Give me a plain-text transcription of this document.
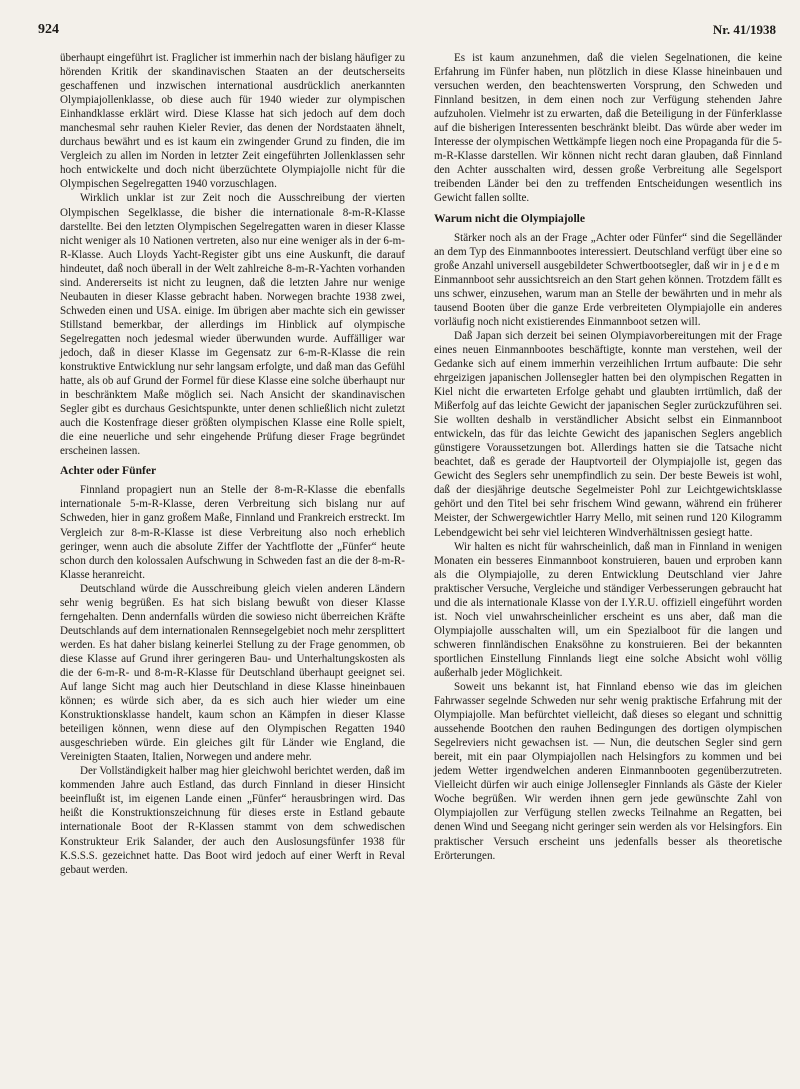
924	Nr. 41/1938

überhaupt eingeführt ist. Fraglicher ist immerhin nach der bislang häufiger zu hörenden Kritik der skandinavischen Staaten an der deutscherseits geschaffenen und inzwischen international ausdrücklich anerkannten Olympiajollenklasse, ob diese auch für 1940 wieder zur olympischen Einhandklasse erklärt wird. Diese Klasse hat sich jedoch auf dem doch manchesmal sehr rauhen Kieler Revier, das denen der Nordstaaten ähnelt, durchaus bewährt und es ist kaum ein zwingender Grund zu finden, die im Vergleich zu allen im Norden in letzter Zeit eingeführten Jollenklassen sehr hoch entwickelte und doch nicht überzüchtete Olympiajolle nicht für die Olympischen Segelregatten 1940 vorzuschlagen.

Wirklich unklar ist zur Zeit noch die Ausschreibung der vierten Olympischen Segelklasse, die bisher die internationale 8-m-R-Klasse darstellte. Bei den letzten Olympischen Segelregatten waren in dieser Klasse nicht weniger als 10 Nationen vertreten, also nur eine weniger als in der 6-m-R-Klasse. Auch Lloyds Yacht-Register gibt uns eine Auskunft, die darauf hindeutet, daß noch überall in der Welt zahlreiche 8-m-R-Yachten vorhanden sind. Andererseits ist nicht zu leugnen, daß die letzten Jahre nur wenige Neubauten in dieser Klasse gebracht haben. Norwegen brachte 1938 zwei, Schweden einen und USA. einige. Im übrigen aber machte sich ein gewisser Stillstand bemerkbar, der allerdings im Hinblick auf olympische Segelregatten noch jedesmal wieder überwunden wurde. Auffälliger war jedoch, daß in dieser Klasse im Gegensatz zur 6-m-R-Klasse die rein konstruktive Entwicklung nur sehr langsam erfolgte, und daß man das Gefühl hatte, als ob auf Grund der Formel für diese Klasse eine solche überhaupt nur in beschränktem Maße möglich sei. Nach Ansicht der skandinavischen Segler gibt es durchaus Gesichtspunkte, unter denen schließlich nicht zuletzt auch die Kostenfrage dieser größten olympischen Klasse eine Rolle spielt, die eine neuerliche und sehr eingehende Prüfung dieser Frage begründet erscheinen lassen.

Achter oder Fünfer

Finnland propagiert nun an Stelle der 8-m-R-Klasse die ebenfalls internationale 5-m-R-Klasse, deren Verbreitung sich bislang nur auf Schweden, hier in ganz großem Maße, Finnland und Frankreich erstreckt. Im Vergleich zur 8-m-R-Klasse ist diese Verbreitung also noch erheblich geringer, wenn auch die absolute Ziffer der Yachtflotte der „Fünfer“ heute schon durch den kolossalen Aufschwung in Schweden fast an die der 8-m-R-Klasse heranreicht.

Deutschland würde die Ausschreibung gleich vielen anderen Ländern sehr wenig begrüßen. Es hat sich bislang bewußt von dieser Klasse ferngehalten. Denn andernfalls würden die sowieso nicht überreichen Kräfte Deutschlands auf dem internationalen Rennsegelgebiet noch mehr zersplittert werden. Es hat daher bislang keinerlei Stellung zu der Frage genommen, ob diese Klasse auf Grund ihrer geringeren Bau- und Unterhaltungskosten als die der 6-m-R- und 8-m-R-Klasse für Deutschland überhaupt geeignet sei. Auf lange Sicht mag auch hier Deutschland in diese Klasse hineinbauen können; es würde sich aber, da es sich auch hier wieder um eine Konstruktionsklasse handelt, kaum schon an Kämpfen in dieser Klasse beteiligen können, wenn diese auf den Olympischen Regatten 1940 ausgeschrieben würde. Ein gleiches gilt für Länder wie England, die Vereinigten Staaten, Italien, Norwegen und andere mehr.

Der Vollständigkeit halber mag hier gleichwohl berichtet werden, daß im kommenden Jahre auch Estland, das durch Finnland in dieser Hinsicht beeinflußt ist, im eigenen Lande einen „Fünfer“ herausbringen wird. Das heißt die Konstruktionszeichnung für dieses erste in Estland gebaute internationale Boot der R-Klassen stammt von dem schwedischen Konstrukteur Erik Salander, der auch den Auslosungsfünfer 1938 für K.S.S.S. gezeichnet hatte. Das Boot wird jedoch auf einer Werft in Reval gebaut werden.

Es ist kaum anzunehmen, daß die vielen Segelnationen, die keine Erfahrung im Fünfer haben, nun plötzlich in diese Klasse hineinbauen und versuchen werden, den beachtenswerten Vorsprung, den Schweden und Finnland besitzen, in dem einen noch zur Verfügung stehenden Jahre aufzuholen. Vielmehr ist zu erwarten, daß die Beteiligung in der Fünferklasse auf die bisherigen Interessenten beschränkt bleibt. Das würde aber weder im Interesse der olympischen Wettkämpfe liegen noch eine Propaganda für die 5-m-R-Klasse darstellen. Wir können nicht recht daran glauben, daß Finnland den Achter ausschalten wird, dessen große Verbreitung alle Segelsport treibenden Länder bei den zu treffenden Entscheidungen wesentlich ins Gewicht fallen sollte.

Warum nicht die Olympiajolle

Stärker noch als an der Frage „Achter oder Fünfer“ sind die Segelländer an dem Typ des Einmannbootes interessiert. Deutschland verfügt über eine so große Anzahl universell ausgebildeter Schwertbootsegler, daß wir in jedem Einmannboot sehr aussichtsreich an den Start gehen können. Trotzdem fällt es uns schwer, einzusehen, warum man an Stelle der bewährten und in mehr als tausend Booten über die ganze Erde verbreiteten Olympiajolle ein anderes vorläufig noch nicht existierendes Einmannboot setzen will.

Daß Japan sich derzeit bei seinen Olympiavorbereitungen mit der Frage eines neuen Einmannbootes beschäftigte, konnte man verstehen, weil der Gedanke sich auf einem immerhin verzeihlichen Irrtum aufbaute: Die sehr ehrgeizigen japanischen Jollensegler hatten bei den olympischen Regatten in Kiel nicht die erwarteten Erfolge gehabt und glaubten irrtümlich, daß der Mißerfolg auf das leichte Gewicht der japanischen Segler zurückzuführen sei. Sie wollten deshalb in verständlicher Absicht selbst ein Einmannboot entwickeln, das für das leichte Gewicht des japanischen Seglers angeblich günstigere Voraussetzungen bot. Allerdings hatten sie die Tatsache nicht beachtet, daß es gerade der Hauptvorteil der Olympiajolle ist, gegen das Gewicht des Seglers sehr unempfindlich zu sein. Der beste Beweis ist wohl, daß der diesjährige deutsche Segelmeister Pohl zur Leichtgewichtsklasse gehört und den Titel bei sehr frischem Wind gewann, während ein früherer Meister, der Schwergewichtler Harry Mello, mit seinen rund 120 Kilogramm Lebendgewicht bei sehr viel leichteren Windverhältnissen gesiegt hatte.

Wir halten es nicht für wahrscheinlich, daß man in Finnland in wenigen Monaten ein besseres Einmannboot konstruieren, bauen und erproben kann als die Olympiajolle, zu deren Entwicklung Deutschland vier Jahre praktischer Versuche, Vergleiche und ständiger Verbesserungen gebraucht hat und die als internationale Klasse von der I.Y.R.U. offiziell eingeführt worden ist. Noch viel unwahrscheinlicher erscheint es uns aber, daß man die Olympiajolle ausschalten will, um ein Spezialboot für die langen und schweren finnländischen Enaksöhne zu konstruieren. Bei der bekannten sportlichen Einstellung Finnlands liegt eine solche Absicht wohl völlig außerhalb jeder Möglichkeit.

Soweit uns bekannt ist, hat Finnland ebenso wie das im gleichen Fahrwasser segelnde Schweden nur sehr wenig praktische Erfahrung mit der Olympiajolle. Man befürchtet vielleicht, daß dieses so elegant und schnittig aussehende Bootchen den rauhen Bedingungen des dortigen olympischen Segelreviers nicht gewachsen ist. — Nun, die deutschen Segler sind gern bereit, mit ein paar Olympiajollen nach Helsingfors zu kommen und bei jedem Wetter irgendwelchen anderen Einmannbooten gegenüberzutreten. Vielleicht dürfen wir auch einige Jollensegler Finnlands als Gäste der Kieler Woche begrüßen. Wir werden ihnen gern jede gewünschte Zahl von Olympiajollen zur Verfügung stellen zwecks Teilnahme an Regatten, bei denen Wind und Seegang nicht geringer sein werden als vor Helsingfors. Ein praktischer Versuch erscheint uns jedenfalls besser als theoretische Erörterungen.
